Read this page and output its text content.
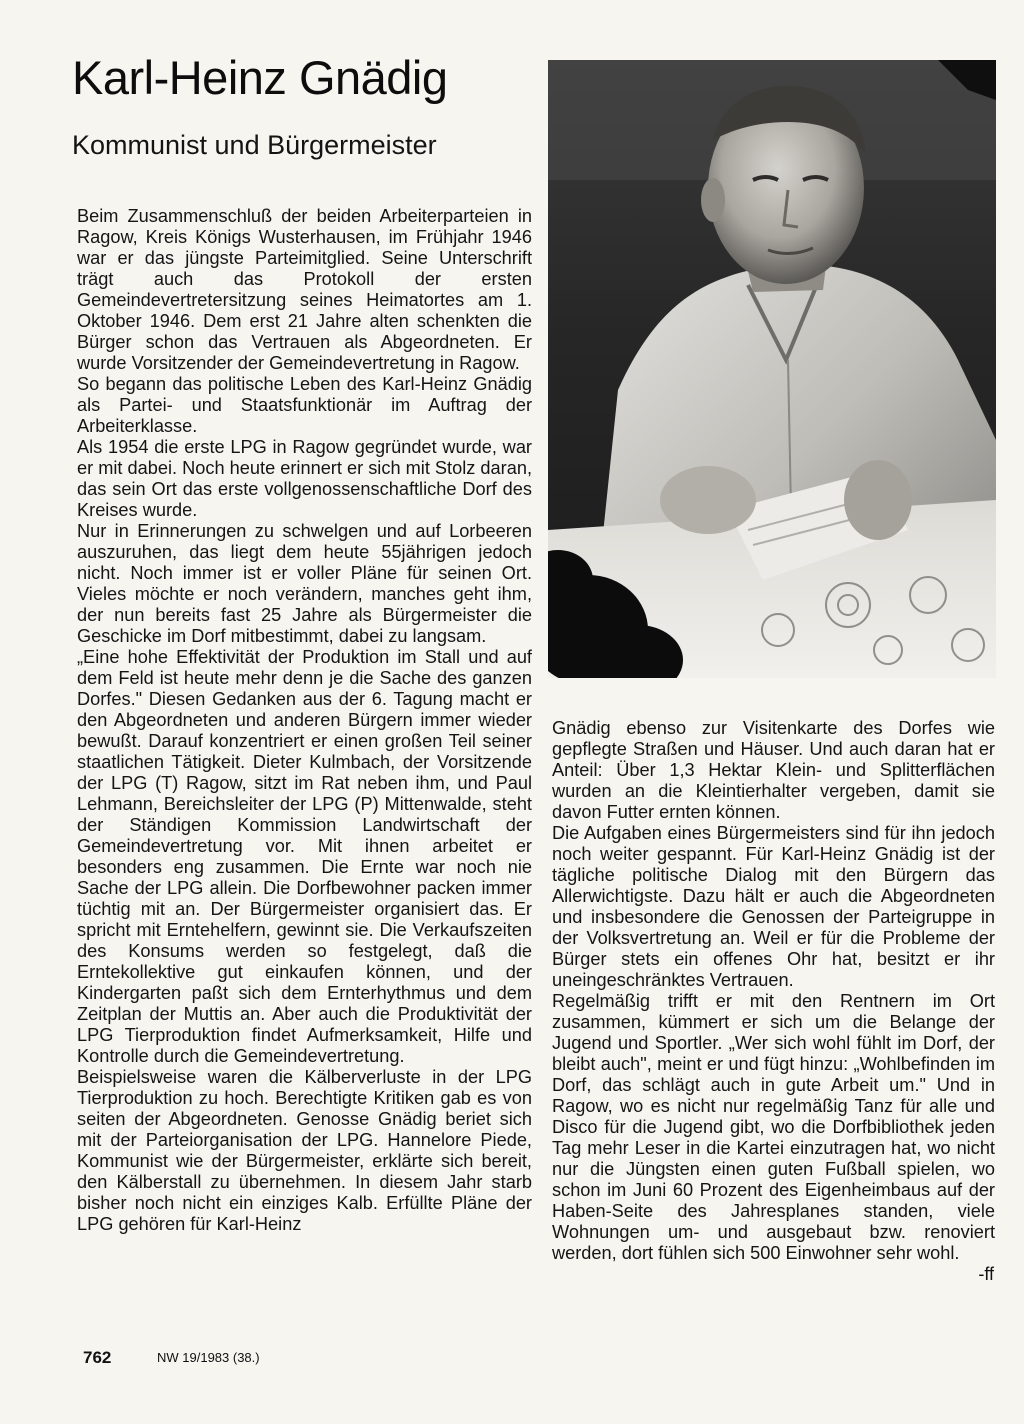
Karl-Heinz Gnädig
Kommunist und Bürgermeister

Beim Zusammenschluß der beiden Arbeiterparteien in Ragow, Kreis Königs Wusterhausen, im Frühjahr 1946 war er das jüngste Parteimitglied. Seine Unterschrift trägt auch das Protokoll der ersten Gemeindevertretersitzung seines Heimatortes am 1. Oktober 1946. Dem erst 21 Jahre alten schenkten die Bürger schon das Vertrauen als Abgeordneten. Er wurde Vorsitzender der Gemeindevertretung in Ragow.

So begann das politische Leben des Karl-Heinz Gnädig als Partei- und Staatsfunktionär im Auftrag der Arbeiterklasse.

Als 1954 die erste LPG in Ragow gegründet wurde, war er mit dabei. Noch heute erinnert er sich mit Stolz daran, das sein Ort das erste vollgenossenschaftliche Dorf des Kreises wurde.

Nur in Erinnerungen zu schwelgen und auf Lorbeeren auszuruhen, das liegt dem heute 55jährigen jedoch nicht. Noch immer ist er voller Pläne für seinen Ort. Vieles möchte er noch verändern, manches geht ihm, der nun bereits fast 25 Jahre als Bürgermeister die Geschicke im Dorf mitbestimmt, dabei zu langsam.

„Eine hohe Effektivität der Produktion im Stall und auf dem Feld ist heute mehr denn je die Sache des ganzen Dorfes." Diesen Gedanken aus der 6. Tagung macht er den Abgeordneten und anderen Bürgern immer wieder bewußt. Darauf konzentriert er einen großen Teil seiner staatlichen Tätigkeit. Dieter Kulmbach, der Vorsitzende der LPG (T) Ragow, sitzt im Rat neben ihm, und Paul Lehmann, Bereichsleiter der LPG (P) Mittenwalde, steht der Ständigen Kommission Landwirtschaft der Gemeindevertretung vor. Mit ihnen arbeitet er besonders eng zusammen. Die Ernte war noch nie Sache der LPG allein. Die Dorfbewohner packen immer tüchtig mit an. Der Bürgermeister organisiert das. Er spricht mit Erntehelfern, gewinnt sie. Die Verkaufszeiten des Konsums werden so festgelegt, daß die Erntekollektive gut einkaufen können, und der Kindergarten paßt sich dem Ernterhythmus und dem Zeitplan der Muttis an. Aber auch die Produktivität der LPG Tierproduktion findet Aufmerksamkeit, Hilfe und Kontrolle durch die Gemeindevertretung.

Beispielsweise waren die Kälberverluste in der LPG Tierproduktion zu hoch. Berechtigte Kritiken gab es von seiten der Abgeordneten. Genosse Gnädig beriet sich mit der Parteiorganisation der LPG. Hannelore Piede, Kommunist wie der Bürgermeister, erklärte sich bereit, den Kälberstall zu übernehmen. In diesem Jahr starb bisher noch nicht ein einziges Kalb. Erfüllte Pläne der LPG gehören für Karl-Heinz

Gnädig ebenso zur Visitenkarte des Dorfes wie gepflegte Straßen und Häuser. Und auch daran hat er Anteil: Über 1,3 Hektar Klein- und Splitterflächen wurden an die Kleintierhalter vergeben, damit sie davon Futter ernten können.

Die Aufgaben eines Bürgermeisters sind für ihn jedoch noch weiter gespannt. Für Karl-Heinz Gnädig ist der tägliche politische Dialog mit den Bürgern das Allerwichtigste. Dazu hält er auch die Abgeordneten und insbesondere die Genossen der Parteigruppe in der Volksvertretung an. Weil er für die Probleme der Bürger stets ein offenes Ohr hat, besitzt er ihr uneingeschränktes Vertrauen.

Regelmäßig trifft er mit den Rentnern im Ort zusammen, kümmert er sich um die Belange der Jugend und Sportler. „Wer sich wohl fühlt im Dorf, der bleibt auch", meint er und fügt hinzu: „Wohlbefinden im Dorf, das schlägt auch in gute Arbeit um." Und in Ragow, wo es nicht nur regelmäßig Tanz für alle und Disco für die Jugend gibt, wo die Dorfbibliothek jeden Tag mehr Leser in die Kartei einzutragen hat, wo nicht nur die Jüngsten einen guten Fußball spielen, wo schon im Juni 60 Prozent des Eigenheimbaus auf der Haben-Seite des Jahresplanes standen, viele Wohnungen um- und ausgebaut bzw. renoviert werden, dort fühlen sich 500 Einwohner sehr wohl.

-ff
762	NW 19/1983 (38.)
